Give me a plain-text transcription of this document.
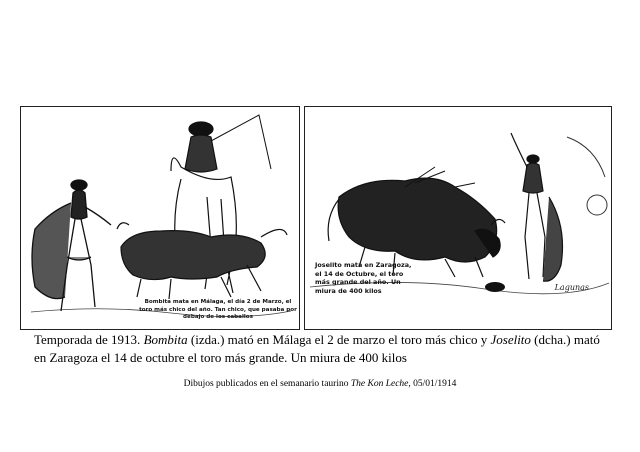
Bombita mata en Málaga, el día 2 de Marzo, el toro más chico del año. Tan chico, que pasaba por debajo de los caballos
Joselito mata en Zaragoza, el 14 de Octubre, el toro más grande del año. Un miura de 400 kilos	Lagunas
Temporada de 1913. Bombita (izda.) mató en Málaga el 2 de marzo el toro más chico y Joselito (dcha.) mató en Zaragoza el 14 de octubre el toro más grande. Un miura de 400 kilos
Dibujos publicados en el semanario taurino The Kon Leche, 05/01/1914
